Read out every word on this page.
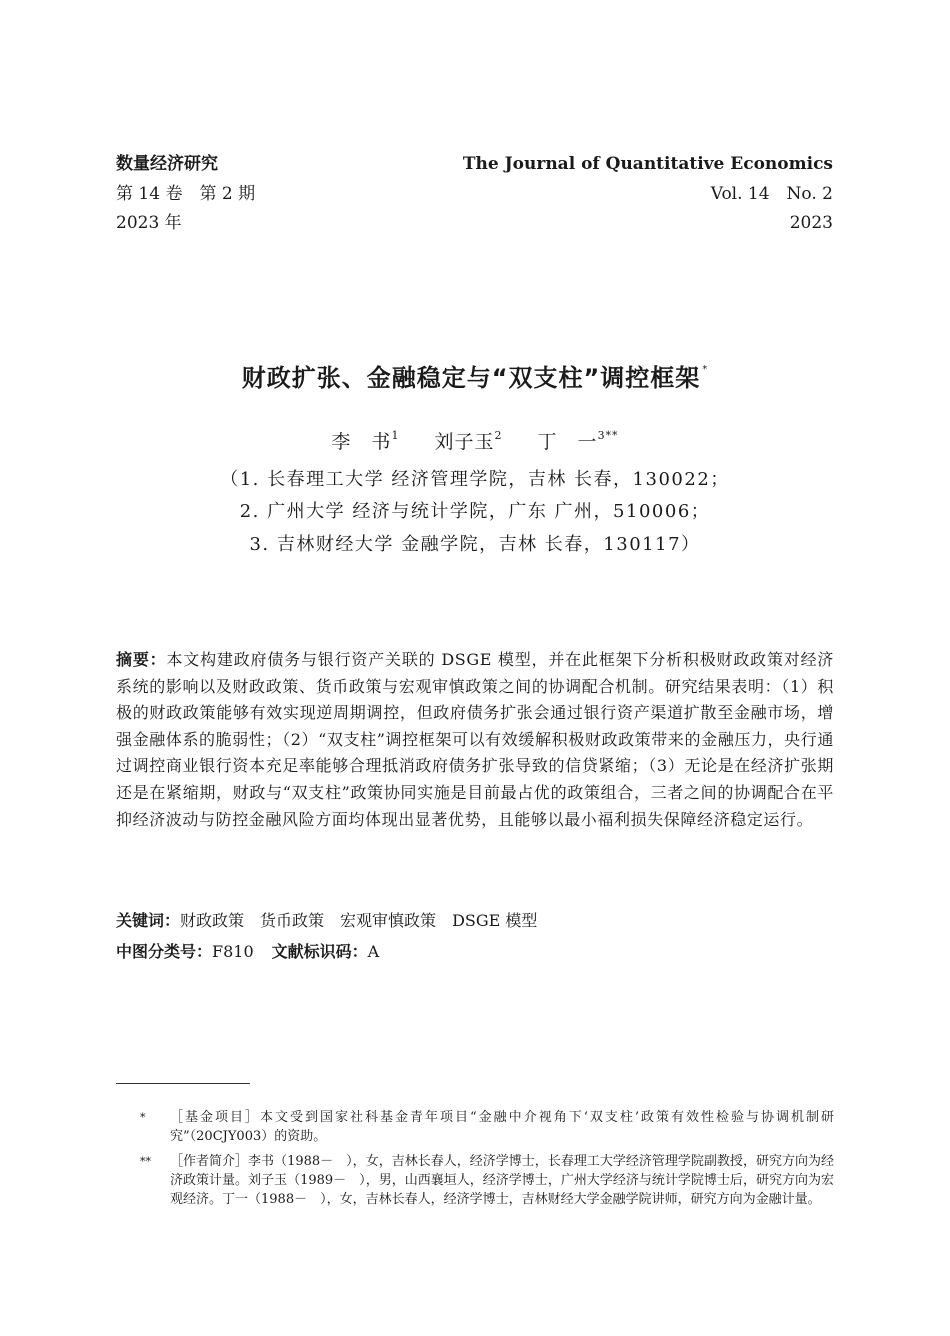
数量经济研究	The Journal of Quantitative Economics
第 14 卷　第 2 期	Vol. 14　No. 2
2023 年	2023
财政扩张、金融稳定与“双支柱”调控框架 *
李　书$^1$ 刘子玉$^2$ 丁　一$^{3**}$
（1. 长春理工大学 经济管理学院，吉林 长春，130022；
2. 广州大学 经济与统计学院，广东 广州，510006；
3. 吉林财经大学 金融学院，吉林 长春，130117）
摘要：本文构建政府债务与银行资产关联的 DSGE 模型，并在此框架下分析积极财政政策对经济系统的影响以及财政政策、货币政策与宏观审慎政策之间的协调配合机制。研究结果表明：（1）积极的财政政策能够有效实现逆周期调控，但政府债务扩张会通过银行资产渠道扩散至金融市场，增强金融体系的脆弱性；（2）“双支柱”调控框架可以有效缓解积极财政政策带来的金融压力，央行通过调控商业银行资本充足率能够合理抵消政府债务扩张导致的信贷紧缩；（3）无论是在经济扩张期还是在紧缩期，财政与“双支柱”政策协同实施是目前最占优的政策组合，三者之间的协调配合在平抑经济波动与防控金融风险方面均体现出显著优势，且能够以最小福利损失保障经济稳定运行。
关键词：财政政策 货币政策 宏观审慎政策 DSGE 模型
中图分类号：F810 文献标识码：A
*	［基金项目］本文受到国家社科基金青年项目“金融中介视角下‘双支柱’政策有效性检验与协调机制研究”（20CJY003）的资助。
**	［作者简介］李书（1988－　），女，吉林长春人，经济学博士，长春理工大学经济管理学院副教授，研究方向为经济政策计量。刘子玉（1989－　），男，山西襄垣人，经济学博士，广州大学经济与统计学院博士后，研究方向为宏观经济。丁一（1988－　），女，吉林长春人，经济学博士，吉林财经大学金融学院讲师，研究方向为金融计量。
